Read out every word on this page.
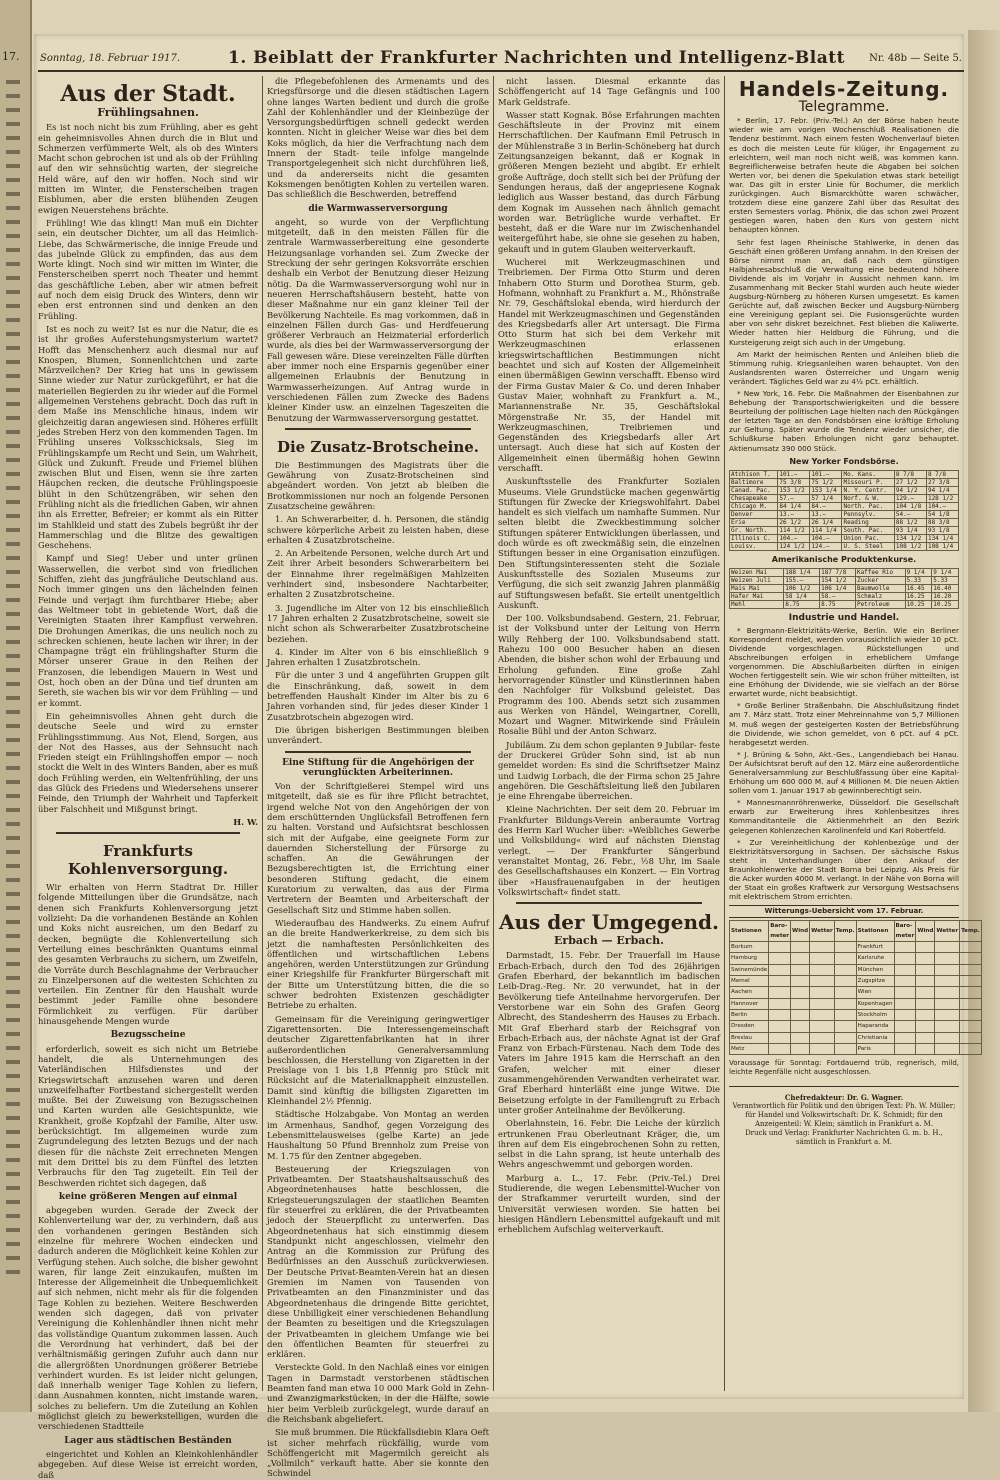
17. Sonntag, 18. Februar 1917.	1. Beiblatt der Frankfurter Nachrichten und Intelligenz-Blatt Nr. 48b — Seite 5.
Aus der Stadt.
Frühlingsahnen.

Es ist noch nicht bis zum Frühling, aber es geht ein geheimnisvolles Ahnen durch die in Blut und Schmerzen verfümmerte Welt, als ob des Winters Macht schon gebrochen ist und als ob der Frühling auf den wir sehnsüchtig warten, der siegreiche Held wäre, auf den wir hoffen. Noch sind wir mitten im Winter, die Fensterscheiben tragen Eisblumen, aber die ersten blühenden Zeugen ewigen Neuerstehens brächte.

Frühling! Wie das klingt! Man muß ein Dichter sein, ein deutscher Dichter, um all das Heimlich-Liebe, das Schwärmerische, die innige Freude und das jubelnde Glück zu empfinden, das aus dem Worte klingt. Noch sind wir mitten im Winter, die Fensterscheiben sperrt noch Theater und hemmt das geschäftliche Leben, aber wir atmen befreit auf noch dem eisig Druck des Winters, denn wir eben erst entronnen sind und denken an den Frühling.

Ist es noch zu weit? Ist es nur die Natur, die es ist ihr großes Auferstehungsmysterium wartet? Hofft das Menschenherz auch diesmal nur auf Knospen, Blumen, Sonnenlichtchen und zarte Märzveilchen? Der Krieg hat uns in gewissem Sinne wieder zur Natur zurückgeführt, er hat die materiellen Begierden zu ihr wieder auf die Formel allgemeinen Verstehens gebracht. Doch das ruft in dem Maße ins Menschliche hinaus, indem wir gleichzeitig daran angewiesen sind. Höheres erfüllt jedes Streben Herz von den kommenden Tagen. Im Frühling unseres Volksschicksals, Sieg im Frühlingskampfe um Recht und Sein, um Wahrheit, Glück und Zukunft. Freude und Friemel blühen zwischen Blut und Eisen, wenn sie ihre zarten Häupchen recken, die deutsche Frühlingspoesie blüht in den Schützengräben, wir sehen den Frühling nicht als die friedlichen Gaben, wir ahnen ihn als Erretter, Befreier; er kommt als ein Ritter im Stahlkleid und statt des Zubels begrüßt ihr der Hammerschlag und die Blitze des gewaltigen Geschehens.

Kampf und Sieg! Ueber und unter grünen Wasserwellen, die verbot sind von friedlichen Schiffen, zieht das jungfräuliche Deutschland aus. Noch immer gingen uns den lächelnden feinen Feinde und verjagt ihm furchtbarer Hiebe; aber das Weltmeer tobt in gebietende Wort, daß die Vereinigten Staaten ihrer Kampflust verwehren. Die Drohungen Amerikas, die uns neulich noch zu schrecken schienen, heute lachen wir ihrer; in der Champagne trägt ein frühlingshafter Sturm die Mörser unserer Graue in den Reihen der Franzosen, die lebendigen Mauern in West und Ost, hoch oben an der Düna und tief drunten am Sereth, sie wachen bis wir vor dem Frühling — und er kommt.

Ein geheimnisvolles Ahnen geht durch die deutsche Seele und wird zu ernster Frühlingsstimmung. Aus Not, Elend, Sorgen, aus der Not des Hasses, aus der Sehnsucht nach Frieden steigt ein Frühlingshoffen empor — noch stockt die Welt in des Winters Banden, aber es muß doch Frühling werden, ein Weltenfrühling, der uns das Glück des Friedens und Wiedersehens unserer Feinde, den Triumph der Wahrheit und Tapferkeit über Falschheit und Mißgunst bringt.

H. W.
Frankfurts Kohlenversorgung.

Wir erhalten von Herrn Stadtrat Dr. Hiller folgende Mitteilungen über die Grundsätze, nach denen sich Frankfurts Kohlenversorgung jetzt vollzieht: Da die vorhandenen Bestände an Kohlen und Koks nicht ausreichen, um den Bedarf zu decken, begnügte die Kohlenverteilung sich Verteilung eines beschränkten Quantums einmal des gesamten Verbrauchs zu sichern, um Zweifeln, die Vorräte durch Beschlagnahme der Verbraucher zu Einzelpersonen auf die weitesten Schichten zu verteilen. Ein Zentner für den Haushalt wurde bestimmt jeder Familie ohne besondere Förmlichkeit zu verfügen. Für darüber hinausgehende Mengen wurde

Bezugsscheine

erforderlich, soweit es sich nicht um Betriebe handelt, die als Unternehmungen des Vaterländischen Hilfsdienstes und der Kriegswirtschaft anzusehen waren und deren unzweifelhafter Fortbestand sichergestellt werden mußte. Bei der Zuweisung von Bezugsscheinen und Karten wurden alle Gesichtspunkte, wie Krankheit, große Kopfzahl der Familie, Alter usw. berücksichtigt. Im allgemeinen wurde zum Zugrundelegung des letzten Bezugs und der nach diesen für die nächste Zeit errechneten Mengen mit dem Drittel bis zu dem Fünftel des letzten Verbrauchs für den Tag zugeteilt. Ein Teil der Beschwerden richtet sich dagegen, daß

keine größeren Mengen auf einmal

abgegeben wurden. Gerade der Zweck der Kohlenverteilung war der, zu verhindern, daß aus den vorhandenen geringen Beständen sich einzelne für mehrere Wochen eindecken und dadurch anderen die Möglichkeit keine Kohlen zur Verfügung stehen. Auch solche, die bisher gewohnt waren, für lange Zeit einzukaufen, mußten im Interesse der Allgemeinheit die Unbequemlichkeit auf sich nehmen, nicht mehr als für die folgenden Tage Kohlen zu beziehen. Weitere Beschwerden wenden sich dagegen, daß von privater Vereinigung die Kohlenhändler ihnen nicht mehr das vollständige Quantum zukommen lassen. Auch die Verordnung hat verhindert, daß bei der verhältnismäßig geringen Zufuhr auch dann nur die allergrößten Unordnungen größerer Betriebe verhindert wurden. Es ist leider nicht gelungen, daß innerhalb weniger Tage Kohlen zu liefern, dann Ausnahmen konnten, nicht imstande waren, solches zu beliefern. Um die Zuteilung an Kohlen möglichst gleich zu bewerkstelligen, wurden die verschiedenen Stadtteile

Lager aus städtischen Beständen

eingerichtet und Kohlen an Kleinkohlenhändler abgegeben. Auf diese Weise ist erreicht worden, daß

die Pflegebefohlenen des Armenamts und des Kriegsfürsorge und die diesen städtischen Lagern ohne langes Warten bedient und durch die große Zahl der Kohlenhändler und der Kleinbezüge der Versorgungsbedürftigen schnell gedeckt werden konnten. Nicht in gleicher Weise war dies bei dem Koks möglich, da hier die Verfrachtung nach dem Innern der Stadt- teile infolge mangelnde Transportgelegenheit sich nicht durchführen ließ, und da andererseits nicht die gesamten Koksmengen benötigten Kohlen zu verteilen waren. Das schließlich die Beschwerden, betreffend

die Warmwasserversorgung

angeht, so wurde von der Verpflichtung mitgeteilt, daß in den meisten Fällen für die zentrale Warmwasserbereitung eine gesonderte Heizungsanlage vorhanden sei. Zum Zwecke der Streckung der sehr geringen Koksvorräte erschien deshalb ein Verbot der Benutzung dieser Heizung nötig. Da die Warmwasserversorgung wohl nur in neueren Herrschaftshäusern besteht, hatte von dieser Maßnahme nur ein ganz kleiner Teil der Bevölkerung Nachteile. Es mag vorkommen, daß in einzelnen Fällen durch Gas- und Herdfeuerung größerer Verbrauch an Heizmaterial erforderlich wurde, als dies bei der Warmwasserversorgung der Fall gewesen wäre. Diese vereinzelten Fälle dürften aber immer noch eine Ersparnis gegenüber einer allgemeinen Erlaubnis der Benutzung in Warmwasserheizungen. Auf Antrag wurde in verschiedenen Fällen zum Zwecke des Badens kleiner Kinder usw. an einzelnen Tageszeiten die Benutzung der Warmwasserversorgung gestattet.

Die Zusatz-Brotscheine.

Die Bestimmungen des Magistrats über die Gewährung von Zusatz-Brotscheinen sind abgeändert worden. Von jetzt ab bleiben die Brotkommissionen nur noch an folgende Personen Zusatzscheine gewähren:

1. An Schwerarbeiter, d. h. Personen, die ständig schwere körperliche Arbeit zu leisten haben, diese erhalten 4 Zusatzbrotscheine.

2. An Arbeitende Personen, welche durch Art und Zeit ihrer Arbeit besonders Schwerarbeitern bei der Einnahme ihrer regelmäßigen Mahlzeiten verhindert sind, insbesondere Nachtarbeiter, erhalten 2 Zusatzbrotscheine.

3. Jugendliche im Alter von 12 bis einschließlich 17 Jahren erhalten 2 Zusatzbrotscheine, soweit sie nicht schon als Schwerarbeiter Zusatzbrotscheine beziehen.

4. Kinder im Alter von 6 bis einschließlich 9 Jahren erhalten 1 Zusatzbrotschein.

Für die unter 3 und 4 angeführten Gruppen gilt die Einschränkung, daß, soweit in dem betreffenden Haushalt Kinder im Alter bis zu 6 Jahren vorhanden sind, für jedes dieser Kinder 1 Zusatzbrotschein abgezogen wird.

Die übrigen bisherigen Bestimmungen bleiben unverändert.

Eine Stiftung für die Angehörigen der verunglückten Arbeiterinnen.

Von der Schriftgießerei Stempel wird uns mitgeteilt, daß sie es für ihre Pflicht betrachtet, irgend welche Not von den Angehörigen der von dem erschütternden Unglücksfall Betroffenen fern zu halten. Vorstand und Aufsichtsrat beschlossen sich mit der Aufgabe, eine geeignete Form zur dauernden Sicherstellung der Fürsorge zu schaffen. An die Gewährungen der Bezugsberechtigten ist, die Errichtung einer besonderen Stiftung gedacht, die einem Kuratorium zu verwalten, das aus der Firma Vertretern der Beamten und Arbeiterschaft der Gesellschaft Sitz und Stimme haben sollen.

Wiederaufbau des Handwerks. Zu einem Aufruf an die breite Handwerkerkreise, zu dem sich bis jetzt die namhaftesten Persönlichkeiten des öffentlichen und wirtschaftlichen Lebens angehören, werden Unterstützungen zur Gründung einer Kriegshilfe für Frankfurter Bürgerschaft mit der Bitte um Unterstützung bitten, die die so schwer bedrohten Existenzen geschädigter Betriebe zu erhalten.

Gemeinsam für die Vereinigung geringwertiger Zigarettensorten. Die Interessengemeinschaft deutscher Zigarettenfabrikanten hat in ihrer außerordentlichen Generalversammlung beschlossen, die Herstellung von Zigaretten in der Preislage von 1 bis 1,8 Pfennig pro Stück mit Rücksicht auf die Materialknappheit einzustellen. Damit sind künftig die billigsten Zigaretten im Kleinhandel 2½ Pfennig.

Städtische Holzabgabe. Von Montag an werden im Armenhaus, Sandhof, gegen Vorzeigung des Lebensmittelausweises (gelbe Karte) an jede Haushaltung 50 Pfund Brennholz zum Preise von M. 1.75 für den Zentner abgegeben.

Besteuerung der Kriegszulagen von Privatbeamten. Der Staatshaushaltsausschuß des Abgeordnetenhauses hatte beschlossen, die Kriegsteuerungszulagen der staatlichen Beamten für steuerfrei zu erklären, die der Privatbeamten jedoch der Steuerpflicht zu unterwerfen. Das Abgeordnetenhaus hat sich einstimmig diesem Standpunkt nicht angeschlossen, vielmehr den Antrag an die Kommission zur Prüfung des Bedürfnisses an den Ausschuß zurückverwiesen. Der Deutsche Privat-Beamten-Verein hat an diesen Gremien im Namen von Tausenden von Privatbeamten an den Finanzminister und das Abgeordnetenhaus die dringende Bitte gerichtet, diese Unbilligkeit einer verschiedenen Behandlung der Beamten zu beseitigen und die Kriegszulagen der Privatbeamten in gleichem Umfange wie bei den öffentlichen Beamten für steuerfrei zu erklären.

Versteckte Gold. In den Nachlaß eines vor einigen Tagen in Darmstadt verstorbenen städtischen Beamten fand man etwa 10 000 Mark Gold in Zehn- und Zwanzigmarkstücken, in der die Hälfte, sowie hier beim Verbleib zurückgelegt, wurde darauf an die Reichsbank abgeliefert.

Sie muß brummen. Die Rückfallsdiebin Klara Oeft ist sicher mehrfach rückfällig, wurde vom Schöffengericht mit Magermilch gereicht als „Vollmilch“ verkauft hatte. Aber sie konnte den Schwindel

nicht lassen. Diesmal erkannte das Schöffengericht auf 14 Tage Gefängnis und 100 Mark Geldstrafe.

Wasser statt Kognak. Böse Erfahrungen machten Geschäftsleute in der Provinz mit einem Herrschaftlichen. Der Kaufmann Emil Petrusch in der Mühlenstraße 3 in Berlin-Schöneberg hat durch Zeitungsanzeigen bekannt, daß er Kognak in größeren Mengen bezieht und abgibt. Er erhielt große Aufträge, doch stellt sich bei der Prüfung der Sendungen heraus, daß der angepriesene Kognak lediglich aus Wasser bestand, das durch Färbung dem Kognak im Aussehen nach ähnlich gemacht worden war. Betrügliche wurde verhaftet. Er besteht, daß er die Ware nur im Zwischenhandel weitergeführt habe, sie ohne sie gesehen zu haben, gekauft und in gutem Glauben weiterverkauft.

Wucherei mit Werkzeugmaschinen und Treibriemen. Der Firma Otto Sturm und deren Inhabern Otto Sturm und Dorothea Sturm, geb. Hofmann, wohnhaft zu Frankfurt a. M., Rhönstraße Nr. 79, Geschäftslokal ebenda, wird hierdurch der Handel mit Werkzeugmaschinen und Gegenständen des Kriegsbedarfs aller Art untersagt. Die Firma Otto Sturm hat sich bei dem Verkehr mit Werkzeugmaschinen erlassenen kriegswirtschaftlichen Bestimmungen nicht beachtet und sich auf Kosten der Allgemeinheit einen übermäßigen Gewinn verschafft. Ebenso wird der Firma Gustav Maier & Co. und deren Inhaber Gustav Maier, wohnhaft zu Frankfurt a. M., Mariannenstraße Nr. 35, Geschäftslokal Mörgenstraße Nr. 35, der Handel mit Werkzeugmaschinen, Treibriemen und Gegenständen des Kriegsbedarfs aller Art untersagt. Auch diese hat sich auf Kosten der Allgemeinheit einen übermäßig hohen Gewinn verschafft.

Auskunftsstelle des Frankfurter Sozialen Museums. Viele Grundstücke machen gegenwärtig Stiftungen für Zwecke der Kriegswohlfahrt. Dabei handelt es sich vielfach um namhafte Summen. Nur selten bleibt die Zweckbestimmung solcher Stiftungen späterer Entwicklungen überlassen, und doch würde es oft zweckmäßig sein, die einzelnen Stiftungen besser in eine Organisation einzufügen. Den Stiftungsinteressenten steht die Soziale Auskunftsstelle des Sozialen Museums zur Verfügung, die sich seit zwanzig Jahren planmäßig auf Stiftungswesen befaßt. Sie erteilt unentgeltlich Auskunft.

Der 100. Volksbundsabend. Gestern, 21. Februar, ist der Volksbund unter der Leitung von Herrn Willy Rehberg der 100. Volksbundsabend statt. Rahezu 100 000 Besucher haben an diesen Abenden, die bisher schon wohl der Erbauung und Erholung gefunden. Eine große Zahl hervorragender Künstler und Künstlerinnen haben den Nachfolger für Volksbund geleistet. Das Programm des 100. Abends setzt sich zusammen aus Werken von Händel, Weingartner, Corelli, Mozart und Wagner. Mitwirkende sind Fräulein Rosalie Bühl und der Anton Schwarz.

Jubiläum. Zu dem schon geplanten 9 Jubilar- feste der Druckerei Grüder Sohn sind, ist ab nun gemeldet worden: Es sind die Schriftsetzer Mainz und Ludwig Lorbach, die der Firma schon 25 Jahre angehören. Die Geschäftsleitung ließ den Jubilaren je eine Ehrengabe überreichen.

Kleine Nachrichten. Der seit dem 20. Februar im Frankfurter Bildungs-Verein anberaumte Vortrag des Herrn Karl Wucher über: »Weibliches Gewerbe und Volksbildung« wird auf nächsten Dienstag verlegt. — Der Frankfurter Sängerbund veranstaltet Montag, 26. Febr., ½8 Uhr, im Saale des Gesellschaftshauses ein Konzert. — Ein Vortrag über »Hausfrauenaufgaben in der heutigen Volkswirtschaft« findet statt.

Aus der Umgegend.
Erbach — Erbach.

Darmstadt, 15. Febr. Der Trauerfall im Hause Erbach-Erbach, durch den Tod des 26jährigen Grafen Eberhard, der bekanntlich im badischen Leib-Drag.-Reg. Nr. 20 verwundet, hat in der Bevölkerung tiefe Anteilnahme hervorgerufen. Der Verstorbene war ein Sohn des Grafen Georg Albrecht, des Standesherrn des Hauses zu Erbach. Mit Graf Eberhard starb der Reichsgraf von Erbach-Erbach aus, der nächste Agnat ist der Graf Franz von Erbach-Fürstenau. Nach dem Tode des Vaters im Jahre 1915 kam die Herrschaft an den Grafen, welcher mit einer dieser zusammengehörenden Verwandten verheiratet war. Graf Eberhard hinterläßt eine junge Witwe. Die Beisetzung erfolgte in der Familiengruft zu Erbach unter großer Anteilnahme der Bevölkerung.

Oberlahnstein, 16. Febr. Die Leiche der kürzlich ertrunkenen Frau Oberleutnant Kräger, die, um ihren auf dem Eis eingebrochenen Sohn zu retten, selbst in die Lahn sprang, ist heute unterhalb des Wehrs angeschwemmt und geborgen worden.

Marburg a. L., 17. Febr. (Priv.-Tel.) Drei Studierende, die wegen Lebensmittel-Wucher von der Strafkammer verurteilt wurden, sind der Universität verwiesen worden. Sie hatten bei hiesigen Händlern Lebensmittel aufgekauft und mit erheblichem Aufschlag weiterverkauft.

Handels-Zeitung.
Telegramme.

* Berlin, 17. Febr. (Priv.-Tel.) An der Börse haben heute wieder wie am vorigen Wochenschluß Realisationen die Tendenz bestimmt. Nach einem festen Wochenverlauf bieten es doch die meisten Leute für klüger, ihr Engagement zu erleichtern, weil man noch nicht weiß, was kommen kann. Begreiflicherweise betrafen heute die Abgaben bei solchen Werten vor, bei denen die Spekulation etwas stark beteiligt war. Das gilt in erster Linie für Bochumer, die merklich zurückgingen. Auch Bismarckhütte waren schwächer, trotzdem diese eine ganzere Zahl über das Resultat des ersten Semesters vorlag. Phönix, die das schon zwei Prozent gestiegen waren, haben den Kurs von gestern nicht behaupten können.

Sehr fest lagen Rheinische Stahlwerke, in denen das Geschäft einen größeren Umfang annahm. In den Kreisen der Börse nimmt man an, daß nach dem günstigen Halbjahresabschluß die Verwaltung eine bedeutend höhere Dividende als im Vorjahr in Aussicht nehmen kann. Im Zusammenhang mit Becker Stahl wurden auch heute wieder Augsburg-Nürnberg zu höheren Kursen umgesetzt. Es kamen Gerüchte auf, daß zwischen Becker und Augsburg-Nürnberg eine Vereinigung geplant sei. Die Fusionsgerüchte wurden aber von sehr diskret bezeichnet. Fest blieben die Kaliwerte. Wieder hatten hier Heldburg die Führung, und die Kursteigerung zeigt sich auch in der Umgebung.

Am Markt der heimischen Renten und Anleihen blieb die Stimmung ruhig. Kriegsanleihen waren behauptet. Von den Auslandsrenten waren Österreicher und Ungarn wenig verändert. Tägliches Geld war zu 4½ pCt. erhältlich.

* New York, 16. Febr. Die Maßnahmen der Eisenbahnen zur Behebung der Transportschwierigkeiten und die bessere Beurteilung der politischen Lage hielten nach den Rückgängen der letzten Tage an den Fondsbörsen eine kräftige Erholung zur Geltung. Später wurde die Tendenz wieder unsicher, die Schlußkurse haben Erholungen nicht ganz behauptet. Aktienumsatz 390 000 Stück.

New Yorker Fondsbörse.
Atchison T.	101.—	101.—	Mo. Kans.	8 7/8	8 7/8
Baltimore	75 3/8	75 1/2	Missouri P.	27 1/2	27 3/8
Canad. Pac.	153 1/2	153 1/4	N. Y. Centr.	94 1/2	94 1/4
Chesapeake	57.—	57 1/4	Norf. & W.	129.—	128 1/2
Chicago M.	84 1/4	84.—	North. Pac.	104 1/8	104.—
Denver	13.—	13.—	Pennsylv.	54.—	54 1/8
Erie	26 1/2	26 1/4	Reading	88 1/2	88 3/8
Gr. North.	114 1/2	114 1/4	South. Pac.	93 1/4	93 1/8
Illinois C.	104.—	104.—	Union Pac.	134 1/2	134 1/4
Louisv.	124 1/2	124.—	U. S. Steel	108 1/2	108 1/4
Amerikanische Produktenkurse.
Weizen Mai	188 1/4	187 7/8	Kaffee Rio	9 1/4	9 1/4
Weizen Juli	155.—	154 1/2	Zucker	5.33	5.33
Mais Mai	106 1/2	106 1/4	Baumwolle	16.45	16.40
Hafer Mai	58 1/4	58.—	Schmalz	16.25	16.20
Mehl	8.75	8.75	Petroleum	10.25	10.25
Industrie und Handel.

* Bergmann-Elektrizitäts-Werke, Berlin. Wie ein Berliner Korrespondent meldet, werden voraussichtlich wieder 10 pCt. Dividende vorgeschlagen. Rückstellungen und Abschreibungen erfolgen in erheblichem Umfange vorgenommen. Die Abschlußarbeiten dürften in einigen Wochen fertiggestellt sein. Wie wir schon früher mitteilten, ist eine Erhöhung der Dividende, wie sie vielfach an der Börse erwartet wurde, nicht beabsichtigt.

* Große Berliner Straßenbahn. Die Abschlußsitzung findet am 7. März statt. Trotz einer Mehreinnahme von 5,7 Millionen M. muß wegen der gesteigerten Kosten der Betriebsführung die Dividende, wie schon gemeldet, von 6 pCt. auf 4 pCt. herabgesetzt werden.

* J. Brüning & Sohn, Akt.-Ges., Langendiebach bei Hanau. Der Aufsichtsrat beruft auf den 12. März eine außerordentliche Generalversammlung zur Beschlußfassung über eine Kapital-Erhöhung um 600 000 M. auf 4 Millionen M. Die neuen Aktien sollen vom 1. Januar 1917 ab gewinnberechtigt sein.

* Mannesmannröhrenwerke, Düsseldorf. Die Gesellschaft erwarb zur Erweiterung ihres Kohlenbesitzes ihres Kommanditanteile die Aktienmehrheit an den Bezirk gelegenen Kohlenzechen Karolinenfeld und Karl Robertfeld.

* Zur Vereinheitlichung der Kohlenbezüge und der Elektrizitätsversorgung in Sachsen. Der sächsische Fiskus steht in Unterhandlungen über den Ankauf der Braunkohlenwerke der Stadt Borna bei Leipzig. Als Preis für die Acker wurden 4000 M. verlangt. In der Nähe von Borna will der Staat ein großes Kraftwerk zur Versorgung Westsachsens mit elektrischem Strom errichten.

Witterungs-Uebersicht vom 17. Februar.
Stationen	Baro-meter	Wind	Wetter	Temp.	Stationen	Baro-meter	Wind	Wetter	Temp.
Borkum					Frankfurt				
Hamburg					Karlsruhe				
Swinemünde					München				
Memel					Zugspitze				
Aachen					Wien				
Hannover					Kopenhagen				
Berlin					Stockholm				
Dresden					Haparanda				
Breslau					Christiania				
Metz					Paris				
Voraussage für Sonntag: Fortdauernd trüb, regnerisch, mild, leichte Regenfälle nicht ausgeschlossen.
Chefredakteur: Dr. G. Wagner.
Verantwortlich für Politik und den übrigen Text: Ph. W. Müller; für Handel und Volkswirtschaft: Dr. K. Schmidt; für den Anzeigenteil: W. Klein; sämtlich in Frankfurt a. M.
Druck und Verlag: Frankfurter Nachrichten G. m. b. H., sämtlich in Frankfurt a. M.
